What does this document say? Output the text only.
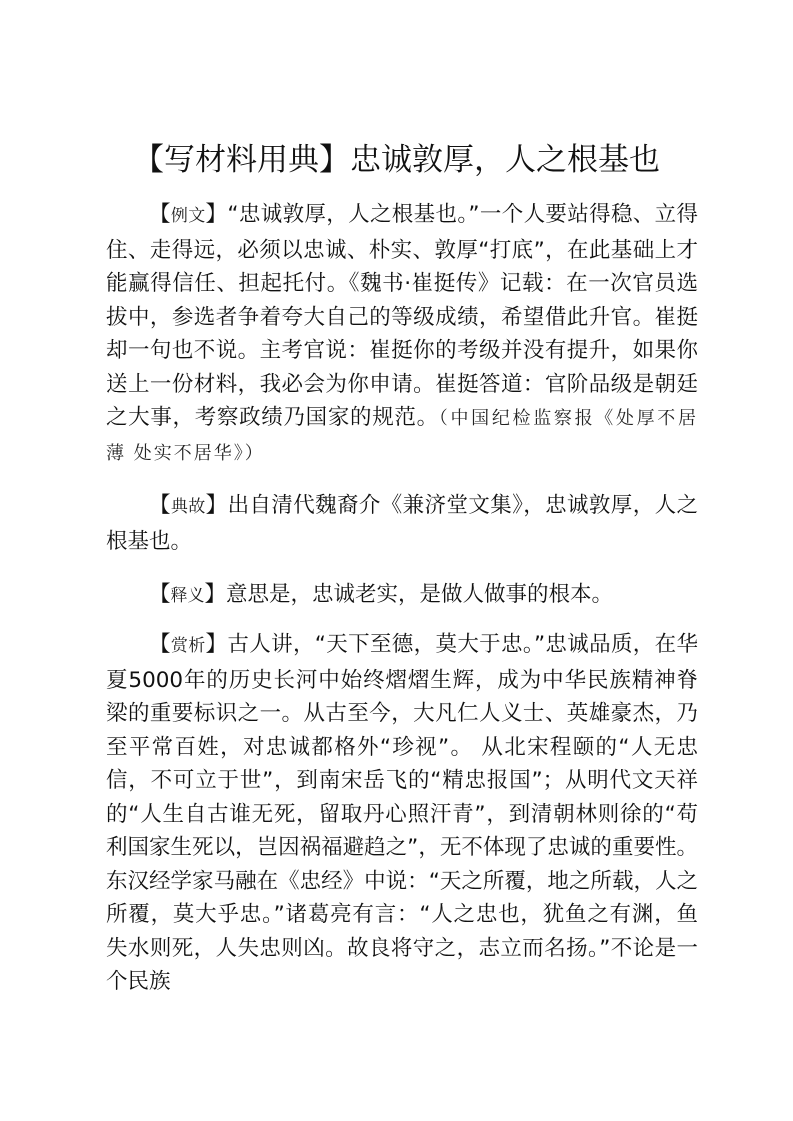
【写材料用典】忠诚敦厚，人之根基也

【例文】“忠诚敦厚，人之根基也。”一个人要站得稳、立得住、走得远，必须以忠诚、朴实、敦厚“打底”，在此基础上才能赢得信任、担起托付。《魏书·崔挺传》记载：在一次官员选拔中，参选者争着夸大自己的等级成绩，希望借此升官。崔挺却一句也不说。主考官说：崔挺你的考级并没有提升，如果你送上一份材料，我必会为你申请。崔挺答道：官阶品级是朝廷之大事，考察政绩乃国家的规范。（中国纪检监察报《处厚不居薄 处实不居华》）

【典故】出自清代魏裔介《兼济堂文集》，忠诚敦厚，人之根基也。

【释义】意思是，忠诚老实，是做人做事的根本。

【赏析】古人讲，“天下至德，莫大于忠。”忠诚品质，在华夏5000年的历史长河中始终熠熠生辉，成为中华民族精神脊梁的重要标识之一。从古至今，大凡仁人义士、英雄豪杰，乃至平常百姓，对忠诚都格外“珍视”。 从北宋程颐的“人无忠信，不可立于世”，到南宋岳飞的“精忠报国”；从明代文天祥的“人生自古谁无死，留取丹心照汗青”，到清朝林则徐的“苟利国家生死以，岂因祸福避趋之”，无不体现了忠诚的重要性。东汉经学家马融在《忠经》中说：“天之所覆，地之所载，人之所覆，莫大乎忠。”诸葛亮有言：“人之忠也，犹鱼之有渊，鱼失水则死，人失忠则凶。故良将守之，志立而名扬。”不论是一个民族
